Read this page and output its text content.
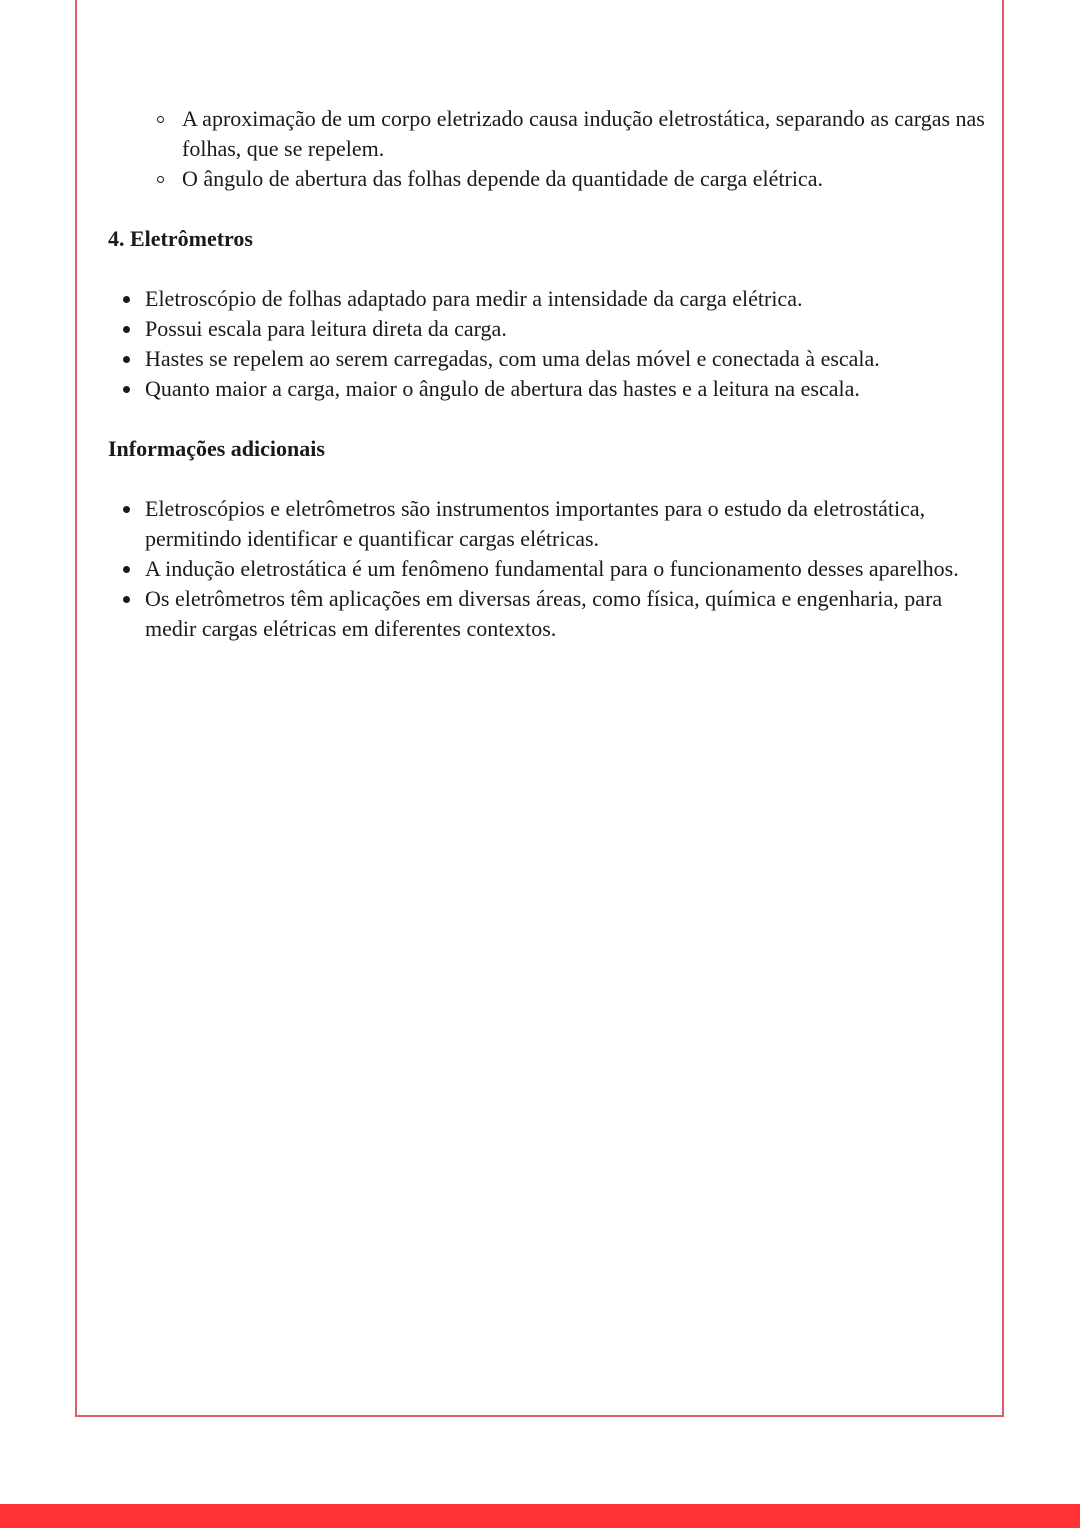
A aproximação de um corpo eletrizado causa indução eletrostática, separando as cargas nas folhas, que se repelem.
O ângulo de abertura das folhas depende da quantidade de carga elétrica.
4. Eletrômetros
Eletroscópio de folhas adaptado para medir a intensidade da carga elétrica.
Possui escala para leitura direta da carga.
Hastes se repelem ao serem carregadas, com uma delas móvel e conectada à escala.
Quanto maior a carga, maior o ângulo de abertura das hastes e a leitura na escala.
Informações adicionais
Eletroscópios e eletrômetros são instrumentos importantes para o estudo da eletrostática, permitindo identificar e quantificar cargas elétricas.
A indução eletrostática é um fenômeno fundamental para o funcionamento desses aparelhos.
Os eletrômetros têm aplicações em diversas áreas, como física, química e engenharia, para medir cargas elétricas em diferentes contextos.
